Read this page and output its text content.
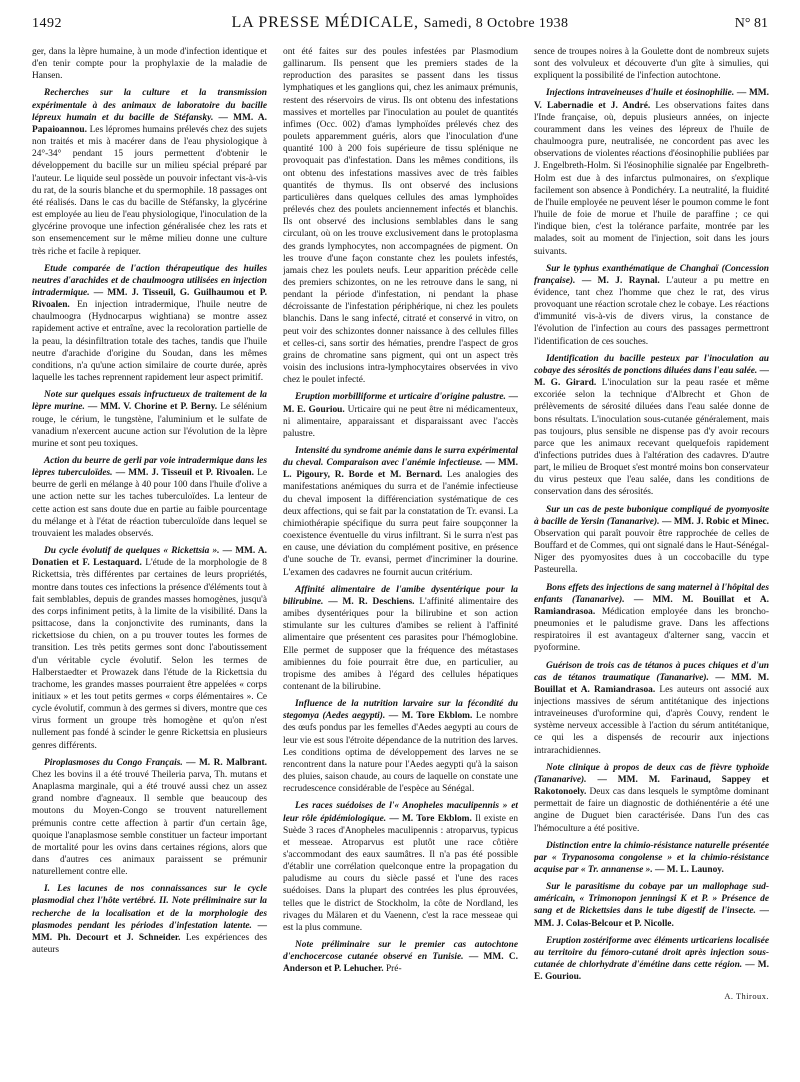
1492	LA PRESSE MÉDICALE, Samedi, 8 Octobre 1938	N° 81

ger, dans la lèpre humaine, à un mode d'infection identique et d'en tenir compte pour la prophylaxie de la maladie de Hansen.

Recherches sur la culture et la transmission expérimentale à des animaux de laboratoire du bacille lépreux humain et du bacille de Stéfansky. — MM. A. Papaioannou. Les lépromes humains prélevés chez des sujets non traités et mis à macérer dans de l'eau physiologique à 24°-34° pendant 15 jours permettent d'obtenir le développement du bacille sur un milieu spécial préparé par l'auteur. Le liquide seul possède un pouvoir infectant vis-à-vis du rat, de la souris blanche et du spermophile. 18 passages ont été réalisés. Dans le cas du bacille de Stéfansky, la glycérine est employée au lieu de l'eau physiologique, l'inoculation de la glycérine provoque une infection généralisée chez les rats et son ensemencement sur le même milieu donne une culture très riche et facile à repiquer.

Etude comparée de l'action thérapeutique des huiles neutres d'arachides et de chaulmoogra utilisées en injection intradermique. — MM. J. Tisseuil, G. Guilhaumou et P. Rivoalen. En injection intradermique, l'huile neutre de chaulmoogra (Hydnocarpus wightiana) se montre assez rapidement active et entraîne, avec la recoloration partielle de la peau, la désinfiltration totale des taches, tandis que l'huile neutre d'arachide d'origine du Soudan, dans les mêmes conditions, n'a qu'une action similaire de courte durée, après laquelle les taches reprennent rapidement leur aspect primitif.

Note sur quelques essais infructueux de traitement de la lèpre murine. — MM. V. Chorine et P. Berny. Le sélénium rouge, le cérium, le tungstène, l'aluminium et le sulfate de vanadium n'exercent aucune action sur l'évolution de la lèpre murine et sont peu toxiques.

Action du beurre de gerli par voie intradermique dans les lèpres tuberculoïdes. — MM. J. Tisseuil et P. Rivoalen. Le beurre de gerli en mélange à 40 pour 100 dans l'huile d'olive a une action nette sur les taches tuberculoïdes. La lenteur de cette action est sans doute due en partie au faible pourcentage du mélange et à l'état de réaction tuberculoïde dans lequel se trouvaient les malades observés.

Du cycle évolutif de quelques « Rickettsia ». — MM. A. Donatien et F. Lestaquard. L'étude de la morphologie de 8 Rickettsia, très différentes par certaines de leurs propriétés, montre dans toutes ces infections la présence d'éléments tout à fait semblables, depuis de grandes masses homogènes, jusqu'à des corps infiniment petits, à la limite de la visibilité. Dans la psittacose, dans la conjonctivite des ruminants, dans la rickettsiose du chien, on a pu trouver toutes les formes de transition. Les très petits germes sont donc l'aboutissement d'un véritable cycle évolutif. Selon les termes de Halberstaedter et Prowazek dans l'étude de la Rickettsia du trachome, les grandes masses pourraient être appelées « corps initiaux » et les tout petits germes « corps élémentaires ». Ce cycle évolutif, commun à des germes si divers, montre que ces virus forment un groupe très homogène et qu'on n'est nullement pas fondé à scinder le genre Rickettsia en plusieurs genres différents.

Piroplasmoses du Congo Français. — M. R. Malbrant. Chez les bovins il a été trouvé Theileria parva, Th. mutans et Anaplasma marginale, qui a été trouvé aussi chez un assez grand nombre d'agneaux. Il semble que beaucoup des moutons du Moyen-Congo se trouvent naturellement prémunis contre cette affection à partir d'un certain âge, quoique l'anaplasmose semble constituer un facteur important de mortalité pour les ovins dans certaines régions, alors que dans d'autres ces animaux paraissent se prémunir naturellement contre elle.

I. Les lacunes de nos connaissances sur le cycle plasmodial chez l'hôte vertébré. II. Note préliminaire sur la recherche de la localisation et de la morphologie des plasmodes pendant les périodes d'infestation latente. — MM. Ph. Decourt et J. Schneider. Les expériences des auteurs

ont été faites sur des poules infestées par Plasmodium gallinarum. Ils pensent que les premiers stades de la reproduction des parasites se passent dans les tissus lymphatiques et les ganglions qui, chez les animaux prémunis, restent des réservoirs de virus. Ils ont obtenu des infestations massives et mortelles par l'inoculation au poulet de quantités infimes (Occ. 002) d'amas lymphoïdes prélevés chez des poulets apparemment guéris, alors que l'inoculation d'une quantité 100 à 200 fois supérieure de tissu splénique ne provoquait pas d'infestation. Dans les mêmes conditions, ils ont obtenu des infestations massives avec de très faibles quantités de thymus. Ils ont observé des inclusions particulières dans quelques cellules des amas lymphoïdes prélevés chez des poulets anciennement infectés et blanchis. Ils ont observé des inclusions semblables dans le sang circulant, où on les trouve exclusivement dans le protoplasma des grands lymphocytes, non accompagnées de pigment. On les trouve d'une façon constante chez les poulets infestés, jamais chez les poulets neufs. Leur apparition précède celle des premiers schizontes, on ne les retrouve dans le sang, ni pendant la période d'infestation, ni pendant la phase décroissante de l'infestation périphérique, ni chez les poulets blanchis. Dans le sang infecté, citraté et conservé in vitro, on peut voir des schizontes donner naissance à des cellules filles et celles-ci, sans sortir des hématies, prendre l'aspect de gros grains de chromatine sans pigment, qui ont un aspect très voisin des inclusions intra-lymphocytaires observées in vivo chez le poulet infecté.

Eruption morbilliforme et urticaire d'origine palustre. — M. E. Gouriou. Urticaire qui ne peut être ni médicamenteux, ni alimentaire, apparaissant et disparaissant avec l'accès palustre.

Intensité du syndrome anémie dans le surra expérimental du cheval. Comparaison avec l'anémie infectieuse. — MM. L. Pigoury, R. Borde et M. Bernard. Les analogies des manifestations anémiques du surra et de l'anémie infectieuse du cheval imposent la différenciation systématique de ces deux affections, qui se fait par la constatation de Tr. evansi. La chimiothérapie spécifique du surra peut faire soupçonner la coexistence éventuelle du virus infiltrant. Si le surra n'est pas en cause, une déviation du complément positive, en présence d'une souche de Tr. evansi, permet d'incriminer la dourine. L'examen des cadavres ne fournit aucun critérium.

Affinité alimentaire de l'amibe dysentérique pour la bilirubine. — M. R. Deschiens. L'affinité alimentaire des amibes dysentériques pour la bilirubine et son action stimulante sur les cultures d'amibes se relient à l'affinité alimentaire que présentent ces parasites pour l'hémoglobine. Elle permet de supposer que la fréquence des métastases amibiennes du foie pourrait être due, en particulier, au tropisme des amibes à l'égard des cellules hépatiques contenant de la bilirubine.

Influence de la nutrition larvaire sur la fécondité du stegomya (Aedes aegypti). — M. Tore Ekblom. Le nombre des œufs pondus par les femelles d'Aedes aegypti au cours de leur vie est sous l'étroite dépendance de la nutrition des larves. Les conditions optima de développement des larves ne se rencontrent dans la nature pour l'Aedes aegypti qu'à la saison des pluies, saison chaude, au cours de laquelle on constate une recrudescence considérable de l'espèce au Sénégal.

Les races suédoises de l'« Anopheles maculipennis » et leur rôle épidémiologique. — M. Tore Ekblom. Il existe en Suède 3 races d'Anopheles maculipennis : atroparvus, typicus et messeae. Atroparvus est plutôt une race côtière s'accommodant des eaux saumâtres. Il n'a pas été possible d'établir une corrélation quelconque entre la propagation du paludisme au cours du siècle passé et l'une des races suédoises. Dans la plupart des contrées les plus éprouvées, telles que le district de Stockholm, la côte de Nordland, les rivages du Mälaren et du Vaenenn, c'est la race messeae qui est la plus commune.

Note préliminaire sur le premier cas autochtone d'enchocercose cutanée observé en Tunisie. — MM. C. Anderson et P. Lehucher. Pré-

sence de troupes noires à la Goulette dont de nombreux sujets sont des volvuleux et découverte d'un gîte à simulies, qui expliquent la possibilité de l'infection autochtone.

Injections intraveineuses d'huile et éosinophilie. — MM. V. Labernadie et J. André. Les observations faites dans l'Inde française, où, depuis plusieurs années, on injecte couramment dans les veines des lépreux de l'huile de chaulmoogra pure, neutralisée, ne concordent pas avec les observations de violentes réactions d'éosinophilie publiées par J. Engelbreth-Holm. Si l'éosinophilie signalée par Engelbreth-Holm est due à des infarctus pulmonaires, on s'explique facilement son absence à Pondichéry. La neutralité, la fluidité de l'huile employée ne peuvent léser le poumon comme le font l'huile de foie de morue et l'huile de paraffine ; ce qui l'indique bien, c'est la tolérance parfaite, montrée par les malades, soit au moment de l'injection, soit dans les jours suivants.

Sur le typhus exanthématique de Changhaï (Concession française). — M. J. Raynal. L'auteur a pu mettre en évidence, tant chez l'homme que chez le rat, des virus provoquant une réaction scrotale chez le cobaye. Les réactions d'immunité vis-à-vis de divers virus, la constance de l'évolution de l'infection au cours des passages permettront l'identification de ces souches.

Identification du bacille pesteux par l'inoculation au cobaye des sérosités de ponctions diluées dans l'eau salée. — M. G. Girard. L'inoculation sur la peau rasée et même excoriée selon la technique d'Albrecht et Ghon de prélèvements de sérosité diluées dans l'eau salée donne de bons résultats. L'inoculation sous-cutanée généralement, mais pas toujours, plus sensible ne dispense pas d'y avoir recours parce que les animaux recevant quelquefois rapidement d'infections putrides dues à l'altération des cadavres. D'autre part, le milieu de Broquet s'est montré moins bon conservateur du virus pesteux que l'eau salée, dans les conditions de conservation dans des sérosités.

Sur un cas de peste bubonique compliqué de pyomyosite à bacille de Yersin (Tananarive). — MM. J. Robic et Minec. Observation qui paraît pouvoir être rapprochée de celles de Bouffard et de Commes, qui ont signalé dans le Haut-Sénégal-Niger des pyomyosites dues à un coccobacille du type Pasteurella.

Bons effets des injections de sang maternel à l'hôpital des enfants (Tananarive). — MM. M. Bouillat et A. Ramiandrasoa. Médication employée dans les broncho-pneumonies et le paludisme grave. Dans les affections respiratoires il est avantageux d'alterner sang, vaccin et pyoformine.

Guérison de trois cas de tétanos à puces chiques et d'un cas de tétanos traumatique (Tananarive). — MM. M. Bouillat et A. Ramiandrasoa. Les auteurs ont associé aux injections massives de sérum antitétanique des injections intraveineuses d'uroformine qui, d'après Couvy, rendent le système nerveux accessible à l'action du sérum antitétanique, ce qui les a dispensés de recourir aux injections intrarachidiennes.

Note clinique à propos de deux cas de fièvre typhoïde (Tananarive). — MM. M. Farinaud, Sappey et Rakotonoely. Deux cas dans lesquels le symptôme dominant permettait de faire un diagnostic de dothiénentérie a été une angine de Duguet bien caractérisée. Dans l'un des cas l'hémoculture a été positive.

Distinction entre la chimio-résistance naturelle présentée par « Trypanosoma congolense » et la chimio-résistance acquise par « Tr. annanense ». — M. L. Launoy.

Sur le parasitisme du cobaye par un mallophage sud-américain, « Trimonopon jenningsi K et P. » Présence de sang et de Rickettsies dans le tube digestif de l'insecte. — MM. J. Colas-Belcour et P. Nicolle.

Eruption zostériforme avec éléments urticariens localisée au territoire du fémoro-cutané droit après injection sous-cutanée de chlorhydrate d'émétine dans cette région. — M. E. Gouriou.

A. Thiroux.
